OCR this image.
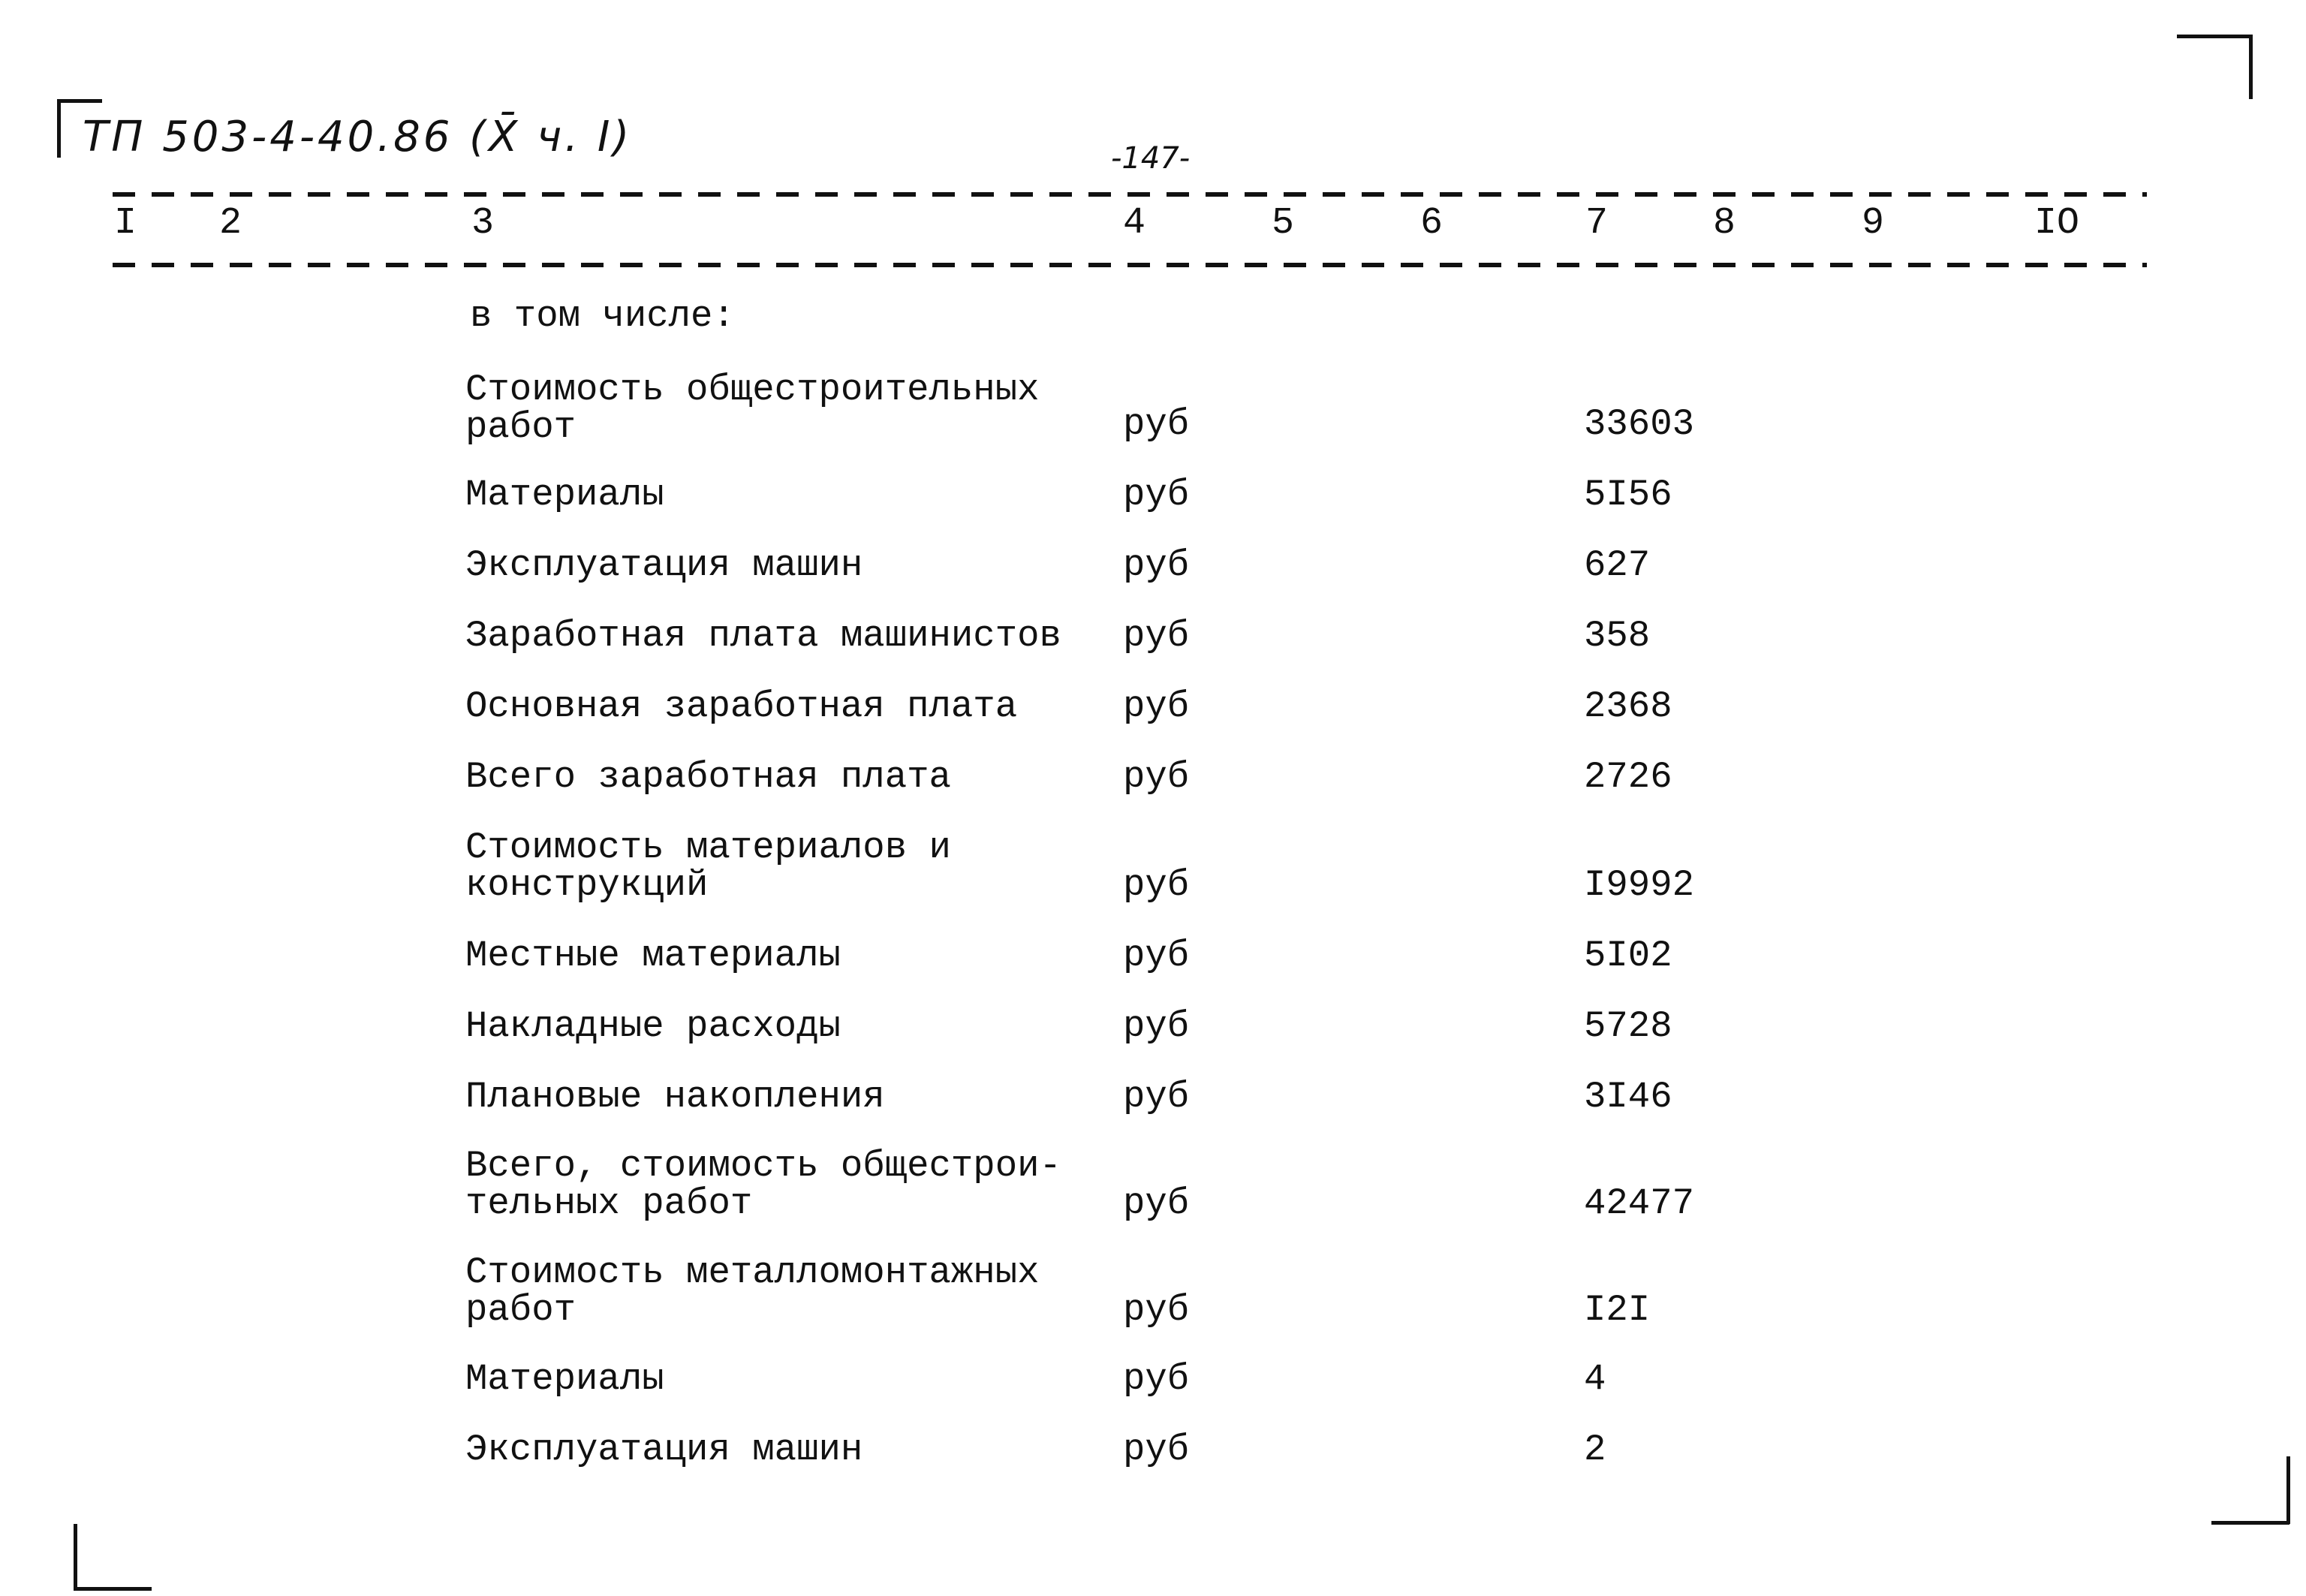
ТП 503-4-40.86 (X̄ ч. I)	-147-
I 2	3	4	5	6	7	8	9	IO
в том числе:
Стоимость общестроительных
работ	руб	33603
Материалы	руб	5I56
Эксплуатация машин	руб	627
Заработная плата машинистов	руб	358
Основная заработная плата	руб	2368
Всего заработная плата	руб	2726
Стоимость материалов и
конструкций	руб	I9992
Местные материалы	руб	5I02
Накладные расходы	руб	5728
Плановые накопления	руб	3I46
Всего, стоимость общестрои-
тельных работ	руб	42477
Стоимость металломонтажных
работ	руб	I2I
Материалы	руб	4
Эксплуатация машин	руб	2
